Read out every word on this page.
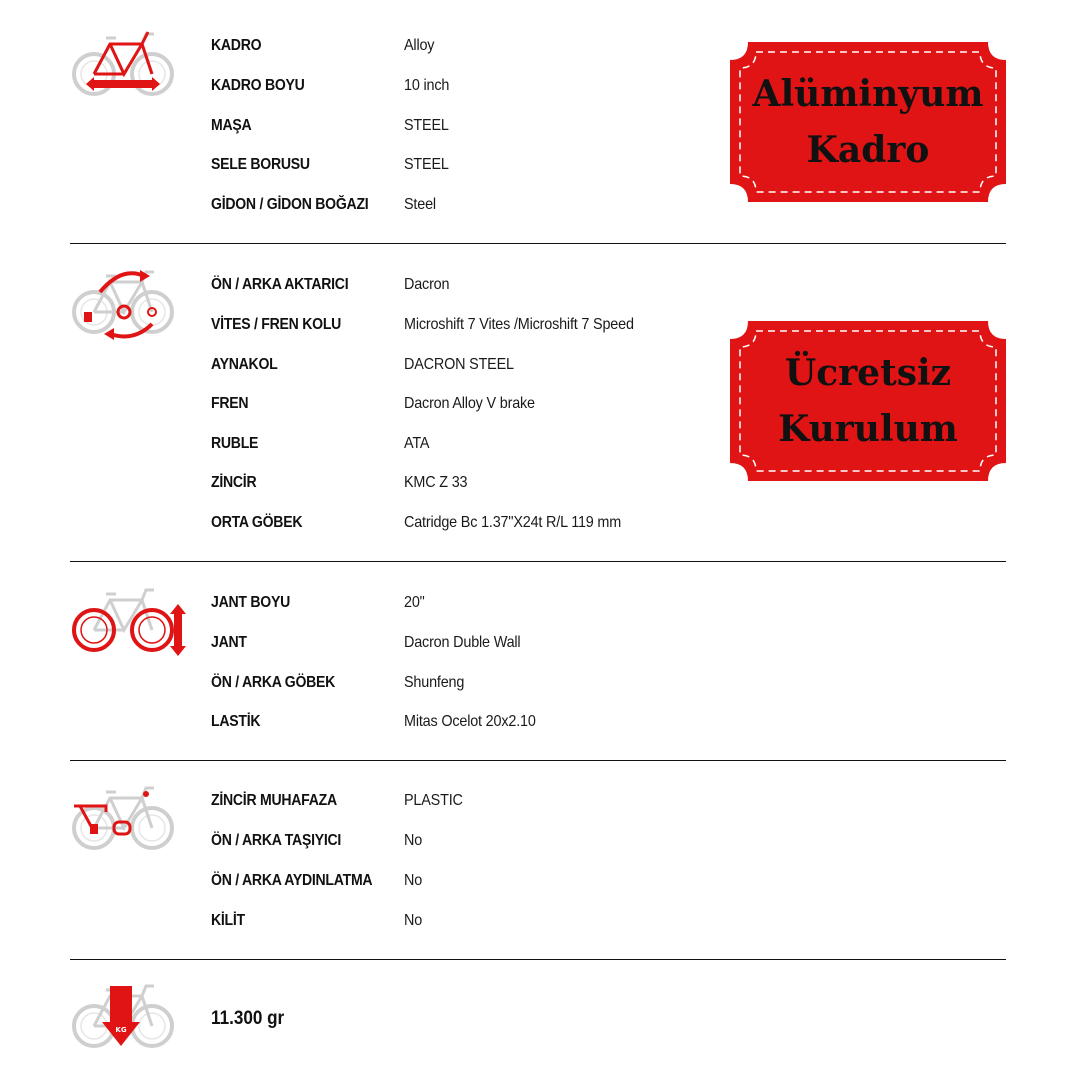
KADRO	Alloy
KADRO BOYU	10 inch
MAŞA	STEEL
SELE BORUSU	STEEL
GİDON / GİDON BOĞAZI Steel
ÖN / ARKA AKTARICI	Dacron
VİTES / FREN KOLU	Microshift 7 Vites /Microshift 7 Speed
AYNAKOL	DACRON STEEL
FREN	Dacron Alloy V brake
RUBLE	ATA
ZİNCİR	KMC Z 33
ORTA GÖBEK	Catridge Bc 1.37"X24t R/L 119 mm
JANT BOYU	20"
JANT	Dacron Duble Wall
ÖN / ARKA GÖBEK	Shunfeng
LASTİK	Mitas Ocelot 20x2.10
ZİNCİR MUHAFAZA	PLASTIC
ÖN / ARKA TAŞIYICI	No
ÖN / ARKA AYDINLATMA No
KİLİT	No
KG
11.300 gr
Alüminyum
Kadro
Ücretsiz
Kurulum
